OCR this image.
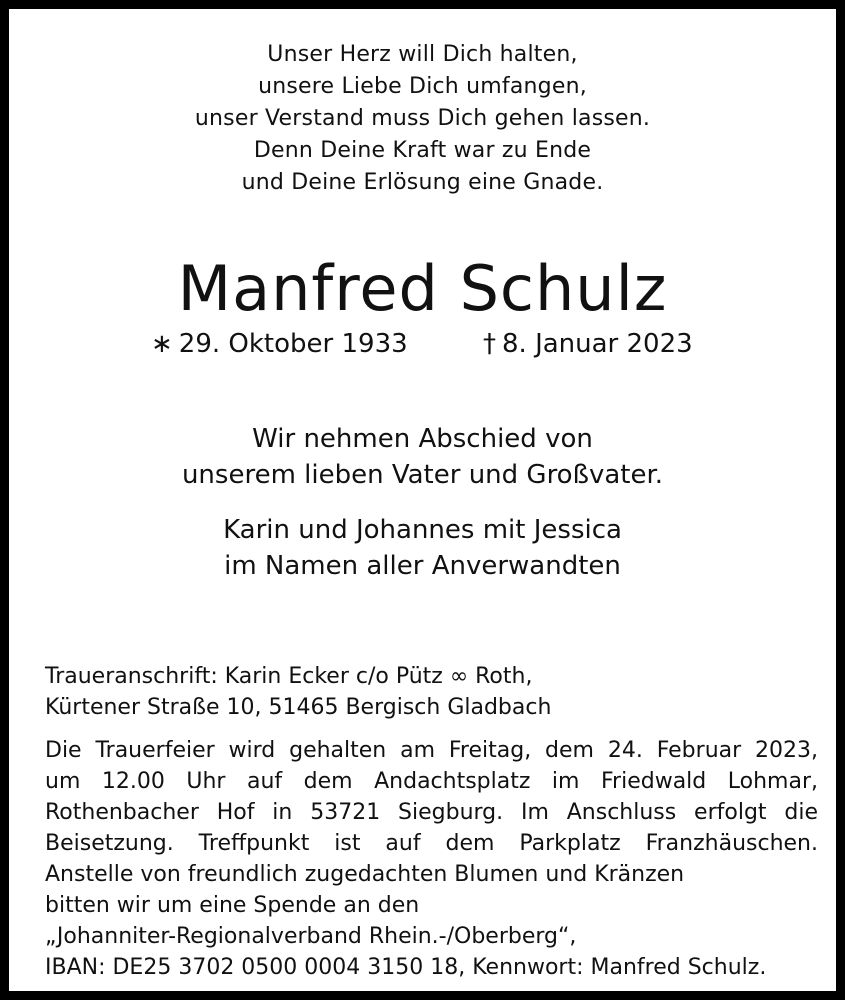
Unser Herz will Dich halten,
unsere Liebe Dich umfangen,
unser Verstand muss Dich gehen lassen.
Denn Deine Kraft war zu Ende
und Deine Erlösung eine Gnade.
Manfred Schulz
∗ 29. Oktober 1933	† 8. Januar 2023
Wir nehmen Abschied von
unserem lieben Vater und Großvater.
Karin und Johannes mit Jessica
im Namen aller Anverwandten
Traueranschrift: Karin Ecker c/o Pütz ∞ Roth,
Kürtener Straße 10, 51465 Bergisch Gladbach
Die Trauerfeier wird gehalten am Freitag, dem 24. Februar 2023,
um 12.00 Uhr auf dem Andachtsplatz im Friedwald Lohmar,
Rothenbacher Hof in 53721 Siegburg. Im Anschluss erfolgt die
Beisetzung. Treffpunkt ist auf dem Parkplatz Franzhäuschen.
Anstelle von freundlich zugedachten Blumen und Kränzen
bitten wir um eine Spende an den
„Johanniter-Regionalverband Rhein.-/Oberberg“,
IBAN: DE25 3702 0500 0004 3150 18, Kennwort: Manfred Schulz.
